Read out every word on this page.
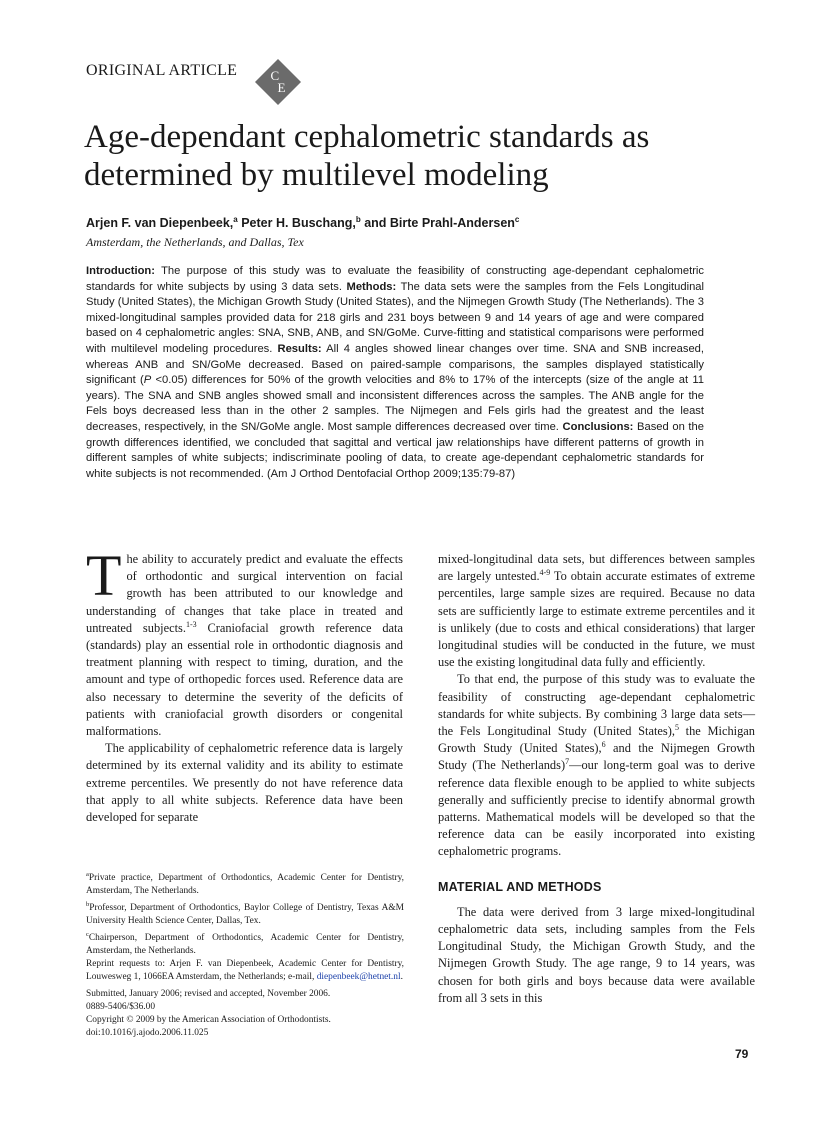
ORIGINAL ARTICLE	C
E
Age-dependant cephalometric standards as determined by multilevel modeling
Arjen F. van Diepenbeek,$^a$ Peter H. Buschang,$^b$ and Birte Prahl-Andersen$^c$
Amsterdam, the Netherlands, and Dallas, Tex

Introduction: The purpose of this study was to evaluate the feasibility of constructing age-dependant cephalometric standards for white subjects by using 3 data sets. Methods: The data sets were the samples from the Fels Longitudinal Study (United States), the Michigan Growth Study (United States), and the Nijmegen Growth Study (The Netherlands). The 3 mixed-longitudinal samples provided data for 218 girls and 231 boys between 9 and 14 years of age and were compared based on 4 cephalometric angles: SNA, SNB, ANB, and SN/GoMe. Curve-fitting and statistical comparisons were performed with multilevel modeling procedures. Results: All 4 angles showed linear changes over time. SNA and SNB increased, whereas ANB and SN/GoMe decreased. Based on paired-sample comparisons, the samples displayed statistically significant (P <0.05) differences for 50% of the growth velocities and 8% to 17% of the intercepts (size of the angle at 11 years). The SNA and SNB angles showed small and inconsistent differences across the samples. The ANB angle for the Fels boys decreased less than in the other 2 samples. The Nijmegen and Fels girls had the greatest and the least decreases, respectively, in the SN/GoMe angle. Most sample differences decreased over time. Conclusions: Based on the growth differences identified, we concluded that sagittal and vertical jaw relationships have different patterns of growth in different samples of white subjects; indiscriminate pooling of data, to create age-dependant cephalometric standards for white subjects is not recommended. (Am J Orthod Dentofacial Orthop 2009;135:79-87)

The ability to accurately predict and evaluate the effects of orthodontic and surgical intervention on facial growth has been attributed to our knowledge and understanding of changes that take place in treated and untreated subjects.$^{1-3}$ Craniofacial growth reference data (standards) play an essential role in orthodontic diagnosis and treatment planning with respect to timing, duration, and the amount and type of orthopedic forces used. Reference data are also necessary to determine the severity of the deficits of patients with craniofacial growth disorders or congenital malformations.

The applicability of cephalometric reference data is largely determined by its external validity and its ability to estimate extreme percentiles. We presently do not have reference data that apply to all white subjects. Reference data have been developed for separate

$^a$Private practice, Department of Orthodontics, Academic Center for Dentistry, Amsterdam, The Netherlands.

$^b$Professor, Department of Orthodontics, Baylor College of Dentistry, Texas A&M University Health Science Center, Dallas, Tex.

$^c$Chairperson, Department of Orthodontics, Academic Center for Dentistry, Amsterdam, the Netherlands.

Reprint requests to: Arjen F. van Diepenbeek, Academic Center for Dentistry, Louwesweg 1, 1066EA Amsterdam, the Netherlands; e-mail, diepenbeek@hetnet.nl.

Submitted, January 2006; revised and accepted, November 2006.

0889-5406/$36.00

Copyright © 2009 by the American Association of Orthodontists.

doi:10.1016/j.ajodo.2006.11.025

mixed-longitudinal data sets, but differences between samples are largely untested.$^{4-9}$ To obtain accurate estimates of extreme percentiles, large sample sizes are required. Because no data sets are sufficiently large to estimate extreme percentiles and it is unlikely (due to costs and ethical considerations) that larger longitudinal studies will be conducted in the future, we must use the existing longitudinal data fully and efficiently.

To that end, the purpose of this study was to evaluate the feasibility of constructing age-dependant cephalometric standards for white subjects. By combining 3 large data sets—the Fels Longitudinal Study (United States),$^5$ the Michigan Growth Study (United States),$^6$ and the Nijmegen Growth Study (The Netherlands)$^7$—our long-term goal was to derive reference data flexible enough to be applied to white subjects generally and sufficiently precise to identify abnormal growth patterns. Mathematical models will be developed so that the reference data can be easily incorporated into existing cephalometric programs.

MATERIAL AND METHODS

The data were derived from 3 large mixed-longitudinal cephalometric data sets, including samples from the Fels Longitudinal Study, the Michigan Growth Study, and the Nijmegen Growth Study. The age range, 9 to 14 years, was chosen for both girls and boys because data were available from all 3 sets in this

79
